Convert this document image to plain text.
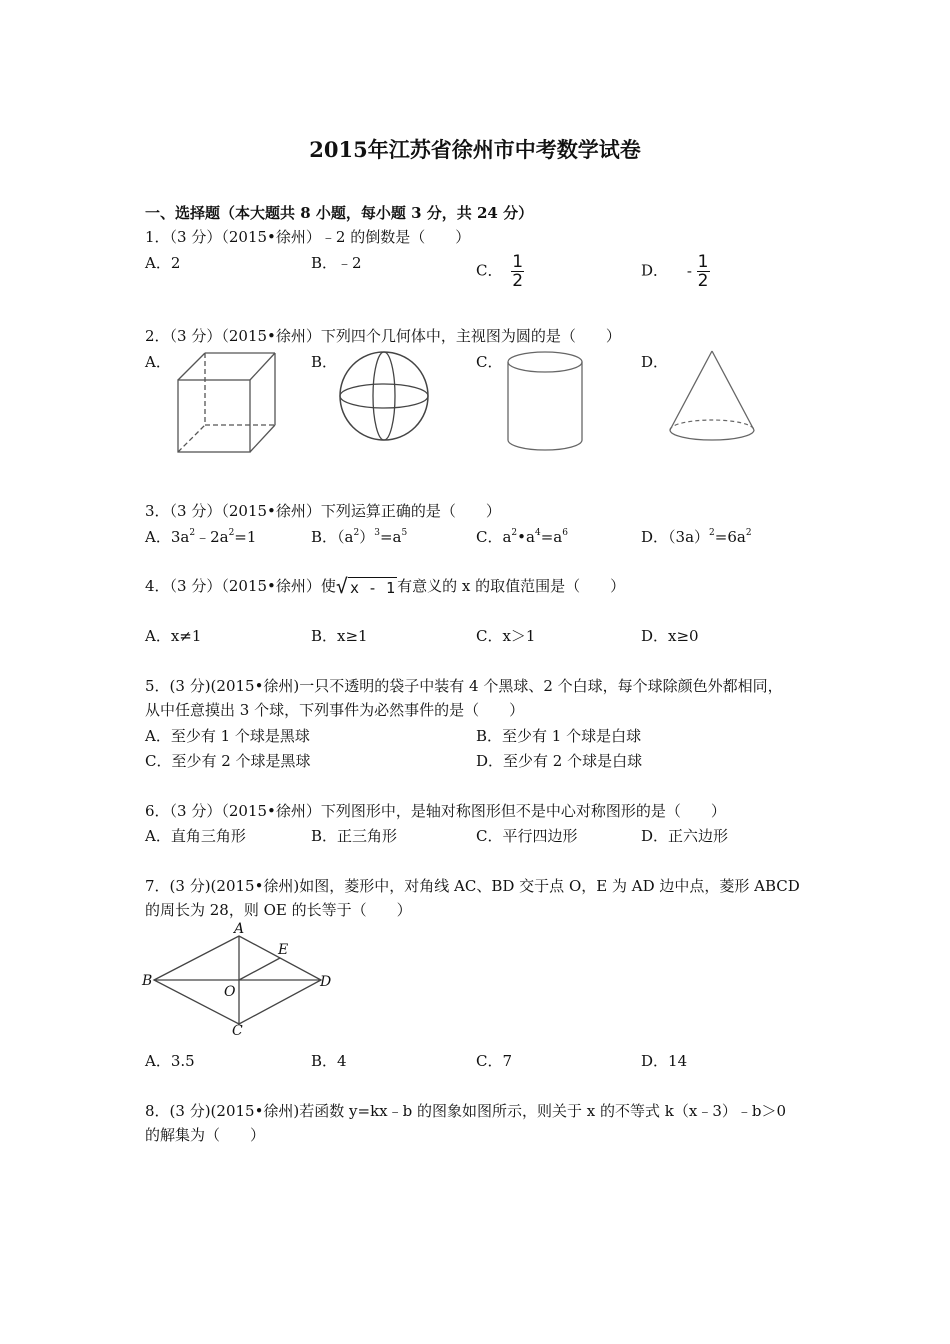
2015年江苏省徐州市中考数学试卷
一、选择题（本大题共 8 小题，每小题 3 分，共 24 分）
1．（3 分）（2015•徐州）﹣2 的倒数是（　　）
A．2	B．﹣2	C． $\frac{1}{2}$	D． - $\frac{1}{2}$
2．（3 分）（2015•徐州）下列四个几何体中，主视图为圆的是（　　）
A．	B．	C．	D．
3．（3 分）（2015•徐州）下列运算正确的是（　　）
A．$3a^2﹣2a^2=1$	B．$(a^2)^3=a^5$	C．$a^2•a^4=a^6$	D．$(3a)^2=6a^2$
4．（3 分）（2015•徐州）使√ x - 1 有意义的 x 的取值范围是（　　）
A．x≠1	B．x≥1	C．x＞1	D．x≥0
5．(3 分)(2015•徐州)一只不透明的袋子中装有 4 个黑球、2 个白球，每个球除颜色外都相同，
从中任意摸出 3 个球，下列事件为必然事件的是（　　）
A．至少有 1 个球是黑球	B．至少有 1 个球是白球
C．至少有 2 个球是黑球	D．至少有 2 个球是白球
6．（3 分）（2015•徐州）下列图形中，是轴对称图形但不是中心对称图形的是（　　）
A．直角三角形	B．正三角形	C．平行四边形	D．正六边形
7．(3 分)(2015•徐州)如图，菱形中，对角线 AC、BD 交于点 O，E 为 AD 边中点，菱形 ABCD
的周长为 28，则 OE 的长等于（　　）
A
B
C
D
E
O
A．3.5	B．4	C．7	D．14
8．(3 分)(2015•徐州)若函数 y=kx﹣b 的图象如图所示，则关于 x 的不等式 k（x﹣3）﹣b＞0
的解集为（　　）
